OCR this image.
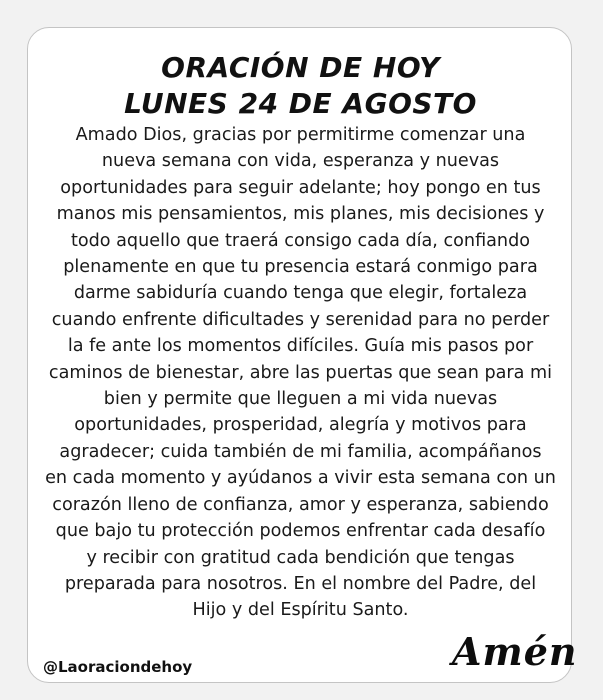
ORACIÓN DE HOY
LUNES 24 DE AGOSTO
Amado Dios, gracias por permitirme comenzar una
nueva semana con vida, esperanza y nuevas
oportunidades para seguir adelante; hoy pongo en tus
manos mis pensamientos, mis planes, mis decisiones y
todo aquello que traerá consigo cada día, confiando
plenamente en que tu presencia estará conmigo para
darme sabiduría cuando tenga que elegir, fortaleza
cuando enfrente dificultades y serenidad para no perder
la fe ante los momentos difíciles. Guía mis pasos por
caminos de bienestar, abre las puertas que sean para mi
bien y permite que lleguen a mi vida nuevas
oportunidades, prosperidad, alegría y motivos para
agradecer; cuida también de mi familia, acompáñanos
en cada momento y ayúdanos a vivir esta semana con un
corazón lleno de confianza, amor y esperanza, sabiendo
que bajo tu protección podemos enfrentar cada desafío
y recibir con gratitud cada bendición que tengas
preparada para nosotros. En el nombre del Padre, del
Hijo y del Espíritu Santo.
@Laoraciondehoy	Amén
